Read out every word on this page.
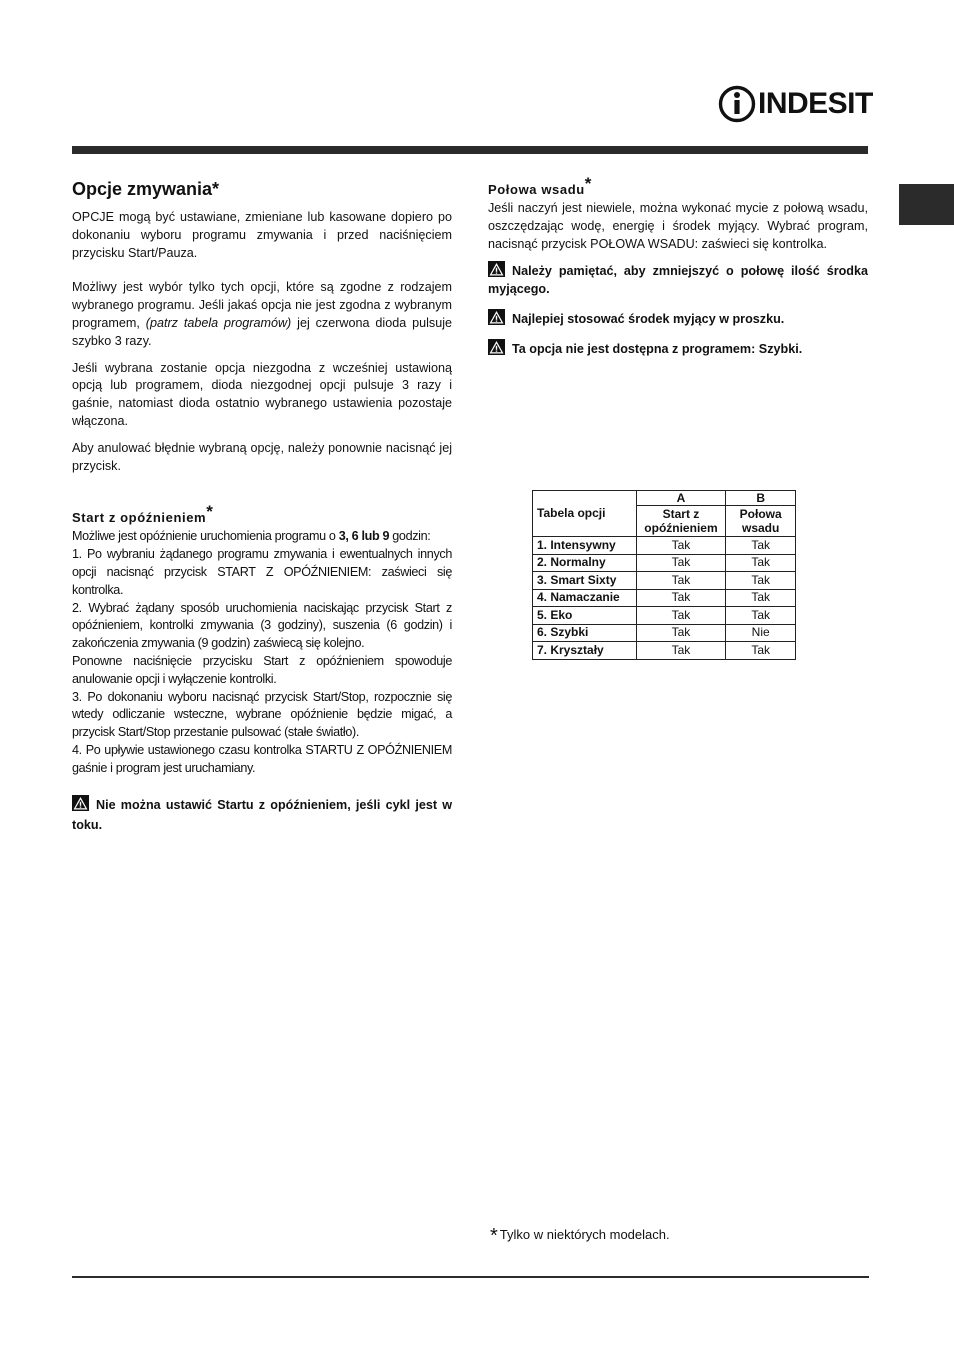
INDESIT
Opcje zmywania*

OPCJE mogą być ustawiane, zmieniane lub kasowane dopiero po dokonaniu wyboru programu zmywania i przed naciśnięciem przycisku Start/Pauza.

Możliwy jest wybór tylko tych opcji, które są zgodne z rodzajem wybranego programu. Jeśli jakaś opcja nie jest zgodna z wybranym programem, (patrz tabela programów) jej czerwona dioda pulsuje szybko 3 razy.

Jeśli wybrana zostanie opcja niezgodna z wcześniej ustawioną opcją lub programem, dioda niezgodnej opcji pulsuje 3 razy i gaśnie, natomiast dioda ostatnio wybranego ustawienia pozostaje włączona.

Aby anulować błędnie wybraną opcję, należy ponownie nacisnąć jej przycisk.

Start z opóźnieniem*

Możliwe jest opóźnienie uruchomienia programu o 3, 6 lub 9 godzin:

1. Po wybraniu żądanego programu zmywania i ewentualnych innych opcji nacisnąć przycisk START Z OPÓŹNIENIEM: zaświeci się kontrolka.

2. Wybrać żądany sposób uruchomienia naciskając przycisk Start z opóźnieniem, kontrolki zmywania (3 godziny), suszenia (6 godzin) i zakończenia zmywania (9 godzin) zaświecą się kolejno.

Ponowne naciśnięcie przycisku Start z opóźnieniem spowoduje anulowanie opcji i wyłączenie kontrolki.

3. Po dokonaniu wyboru nacisnąć przycisk Start/Stop, rozpocznie się wtedy odliczanie wsteczne, wybrane opóźnienie będzie migać, a przycisk Start/Stop przestanie pulsować (stałe światło).

4. Po upływie ustawionego czasu kontrolka STARTU Z OPÓŹNIENIEM gaśnie i program jest uruchamiany.

Nie można ustawić Startu z opóźnieniem, jeśli cykl jest w toku.

Połowa wsadu*

Jeśli naczyń jest niewiele, można wykonać mycie z połową wsadu, oszczędzając wodę, energię i środek myjący. Wybrać program, nacisnąć przycisk POŁOWA WSADU: zaświeci się kontrolka.

Należy pamiętać, aby zmniejszyć o połowę ilość środka myjącego.

Najlepiej stosować środek myjący w proszku.

Ta opcja nie jest dostępna z programem: Szybki.

Tabela opcji	A	B
	Start z opóźnieniem	Połowa wsadu
1. Intensywny	Tak	Tak
2. Normalny	Tak	Tak
3. Smart Sixty	Tak	Tak
4. Namaczanie	Tak	Tak
5. Eko	Tak	Tak
6. Szybki	Tak	Nie
7. Kryształy	Tak	Tak
* Tylko w niektórych modelach.
